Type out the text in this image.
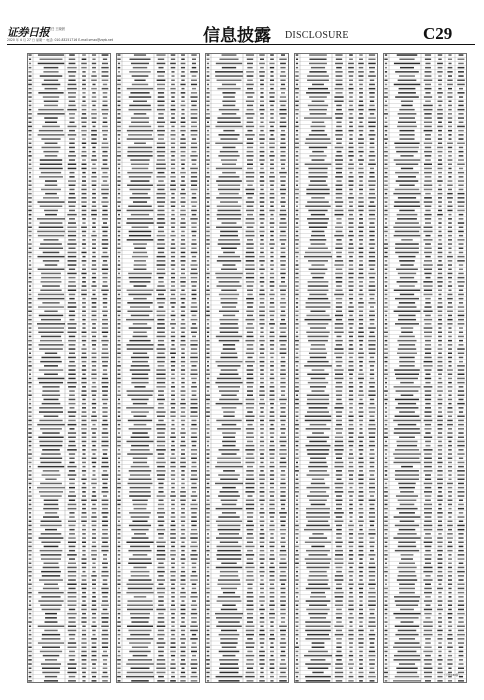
证券日报 责任 王晓晨
2020 年 4 月 27 日 星期一 电话: 010-83251716 E-mail:zmzx@zqrb.net	信息披露 DISCLOSURE	C29
（下转C30版）
